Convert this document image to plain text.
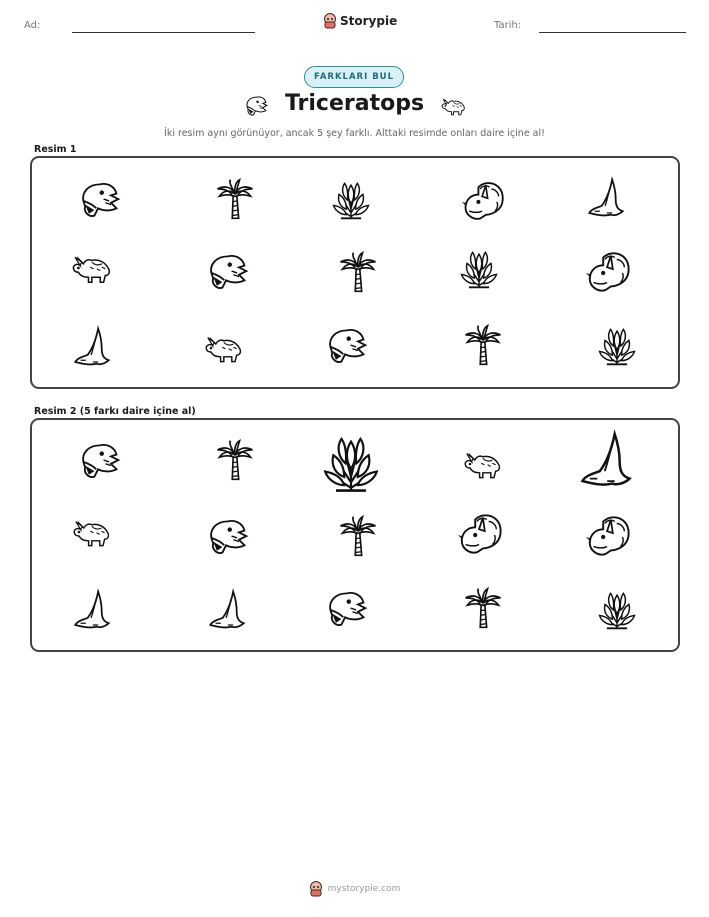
Ad:	Tarih:
Storypie
FARKLARI BUL
Triceratops
İki resim aynı görünüyor, ancak 5 şey farklı. Alttaki resimde onları daire içine al!
Resim 1
Resim 2 (5 farkı daire içine al)
mystorypie.com
